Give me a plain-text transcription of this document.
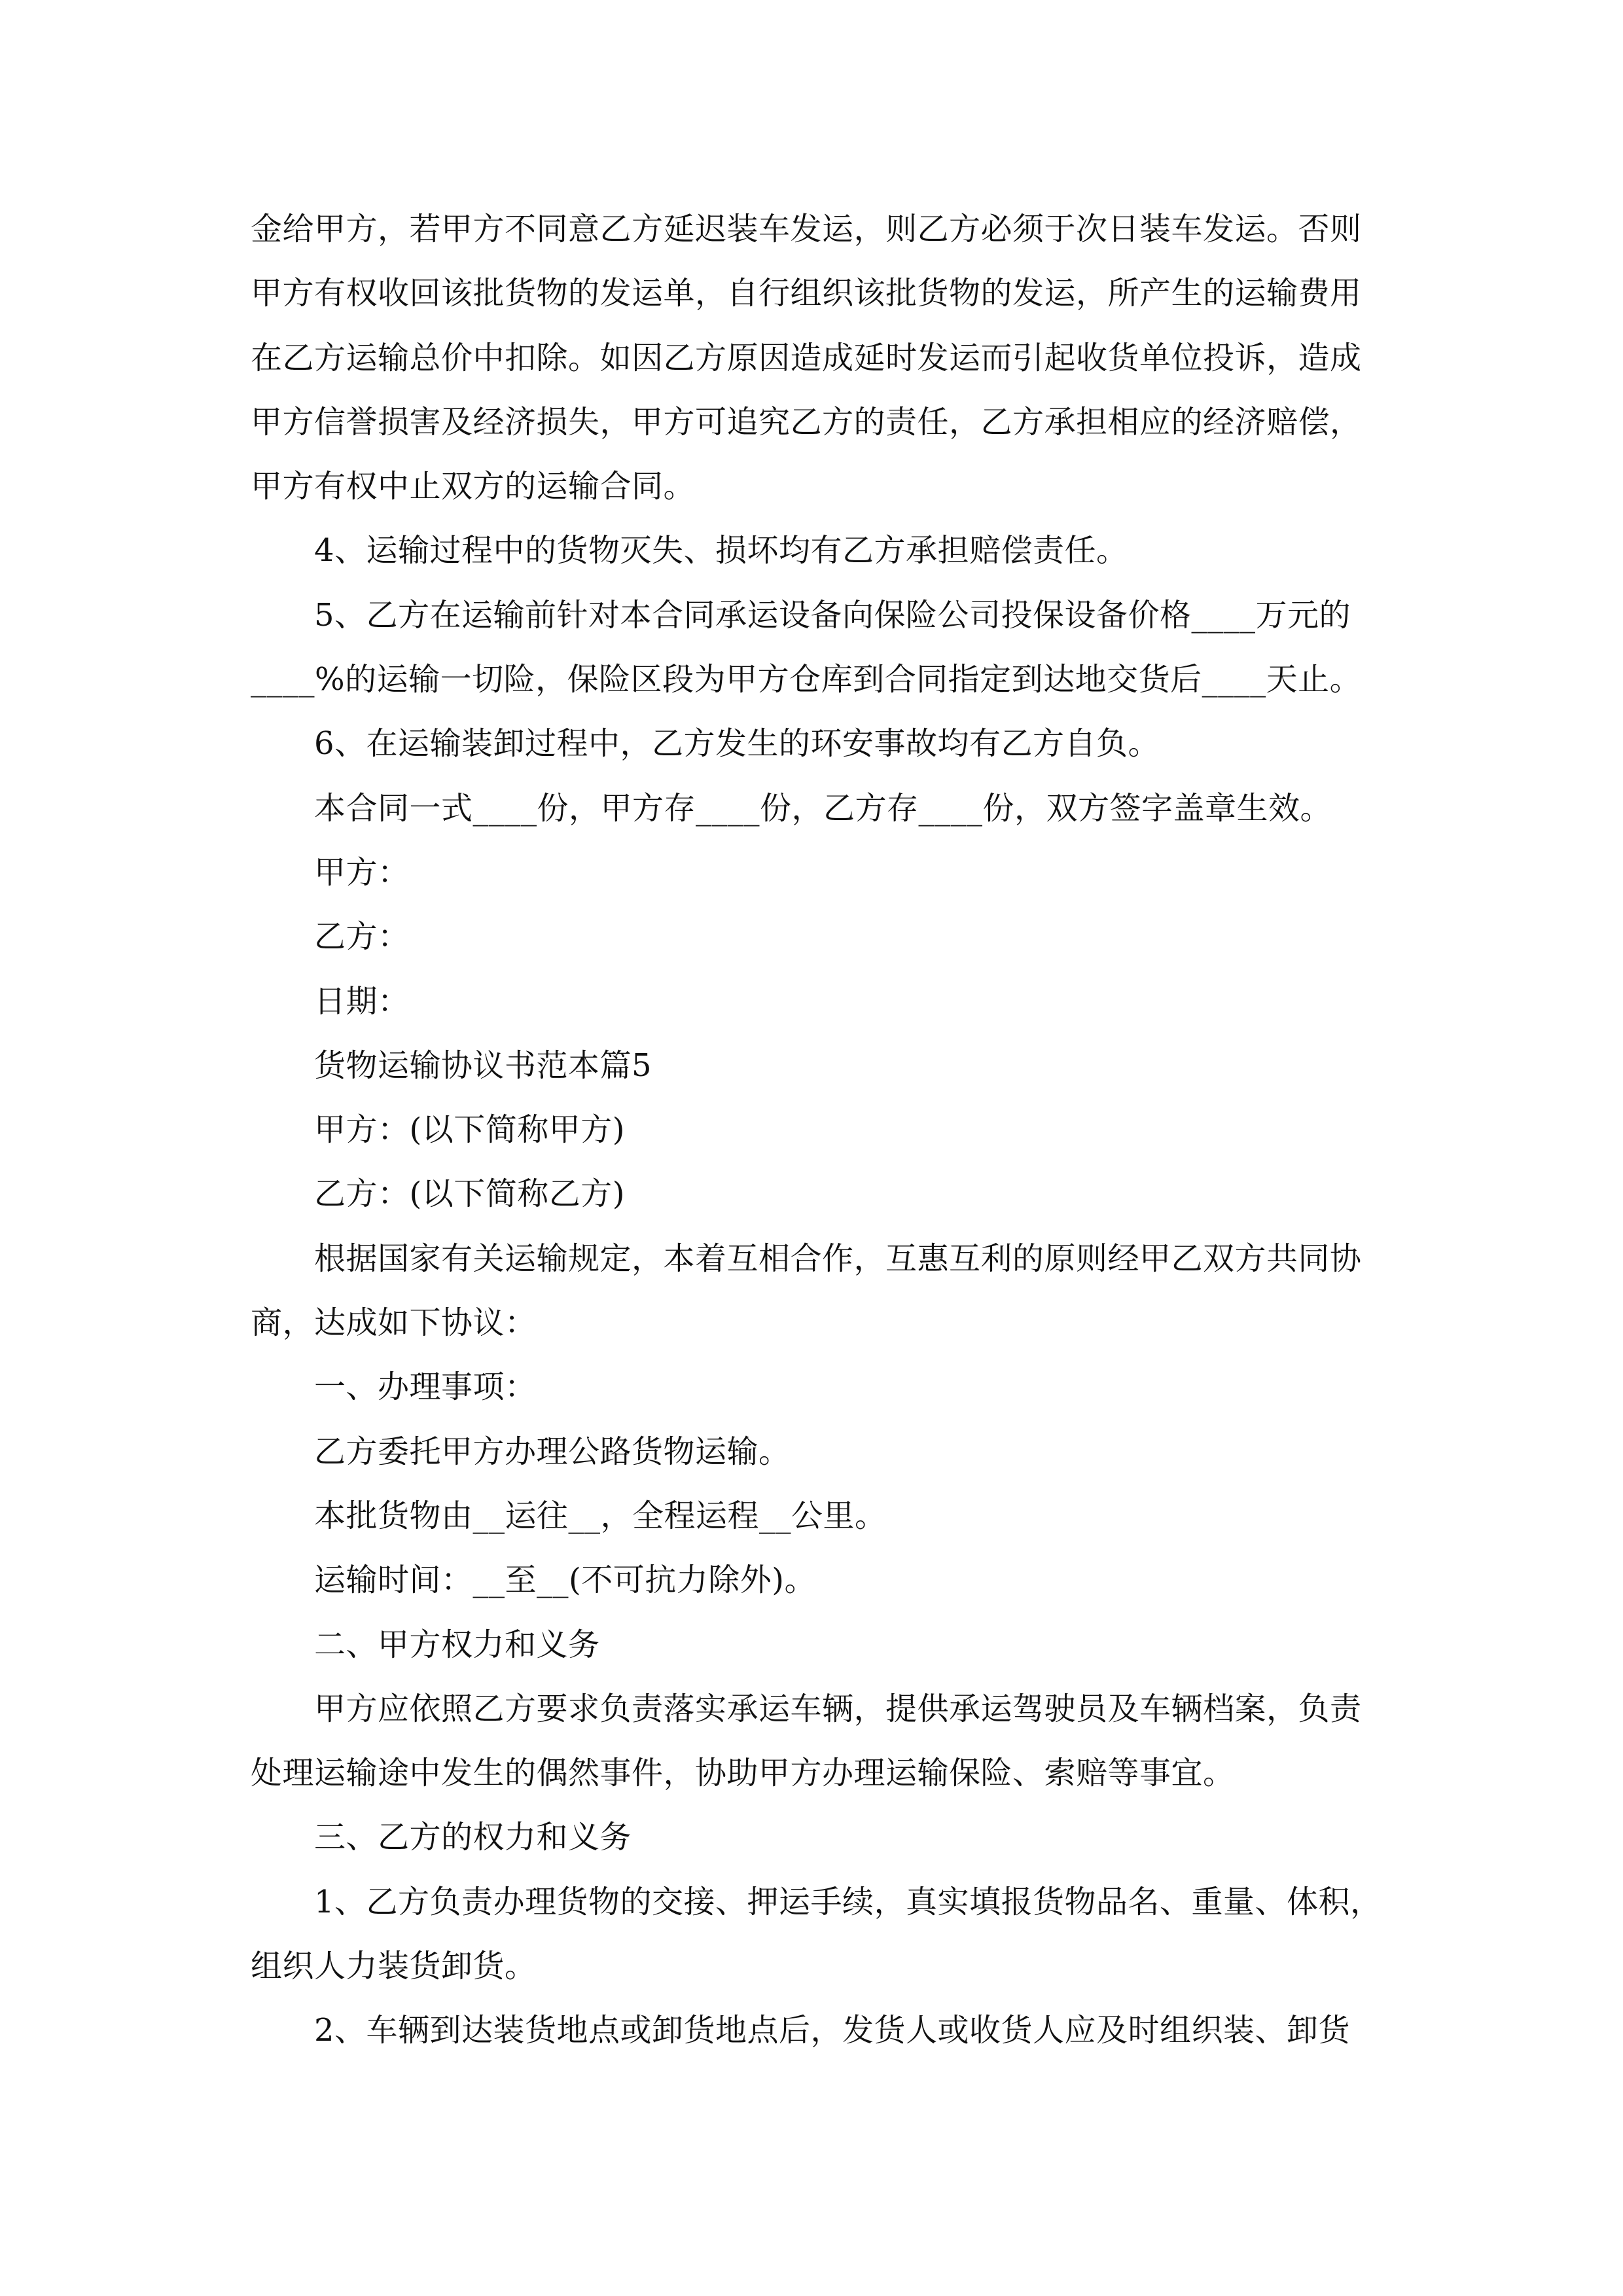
金给甲方，若甲方不同意乙方延迟装车发运，则乙方必须于次日装车发运。否则
甲方有权收回该批货物的发运单，自行组织该批货物的发运，所产生的运输费用
在乙方运输总价中扣除。如因乙方原因造成延时发运而引起收货单位投诉，造成
甲方信誉损害及经济损失，甲方可追究乙方的责任，乙方承担相应的经济赔偿，
甲方有权中止双方的运输合同。
4、运输过程中的货物灭失、损坏均有乙方承担赔偿责任。
5、乙方在运输前针对本合同承运设备向保险公司投保设备价格____万元的
____%的运输一切险，保险区段为甲方仓库到合同指定到达地交货后____天止。
6、在运输装卸过程中，乙方发生的环安事故均有乙方自负。
本合同一式____份，甲方存____份，乙方存____份，双方签字盖章生效。
甲方：
乙方：
日期：
货物运输协议书范本篇5
甲方：(以下简称甲方)
乙方：(以下简称乙方)
根据国家有关运输规定，本着互相合作，互惠互利的原则经甲乙双方共同协
商，达成如下协议：
一、办理事项：
乙方委托甲方办理公路货物运输。
本批货物由__运往__，全程运程__公里。
运输时间：__至__(不可抗力除外)。
二、甲方权力和义务
甲方应依照乙方要求负责落实承运车辆，提供承运驾驶员及车辆档案，负责
处理运输途中发生的偶然事件，协助甲方办理运输保险、索赔等事宜。
三、乙方的权力和义务
1、乙方负责办理货物的交接、押运手续，真实填报货物品名、重量、体积，
组织人力装货卸货。
2、车辆到达装货地点或卸货地点后，发货人或收货人应及时组织装、卸货
